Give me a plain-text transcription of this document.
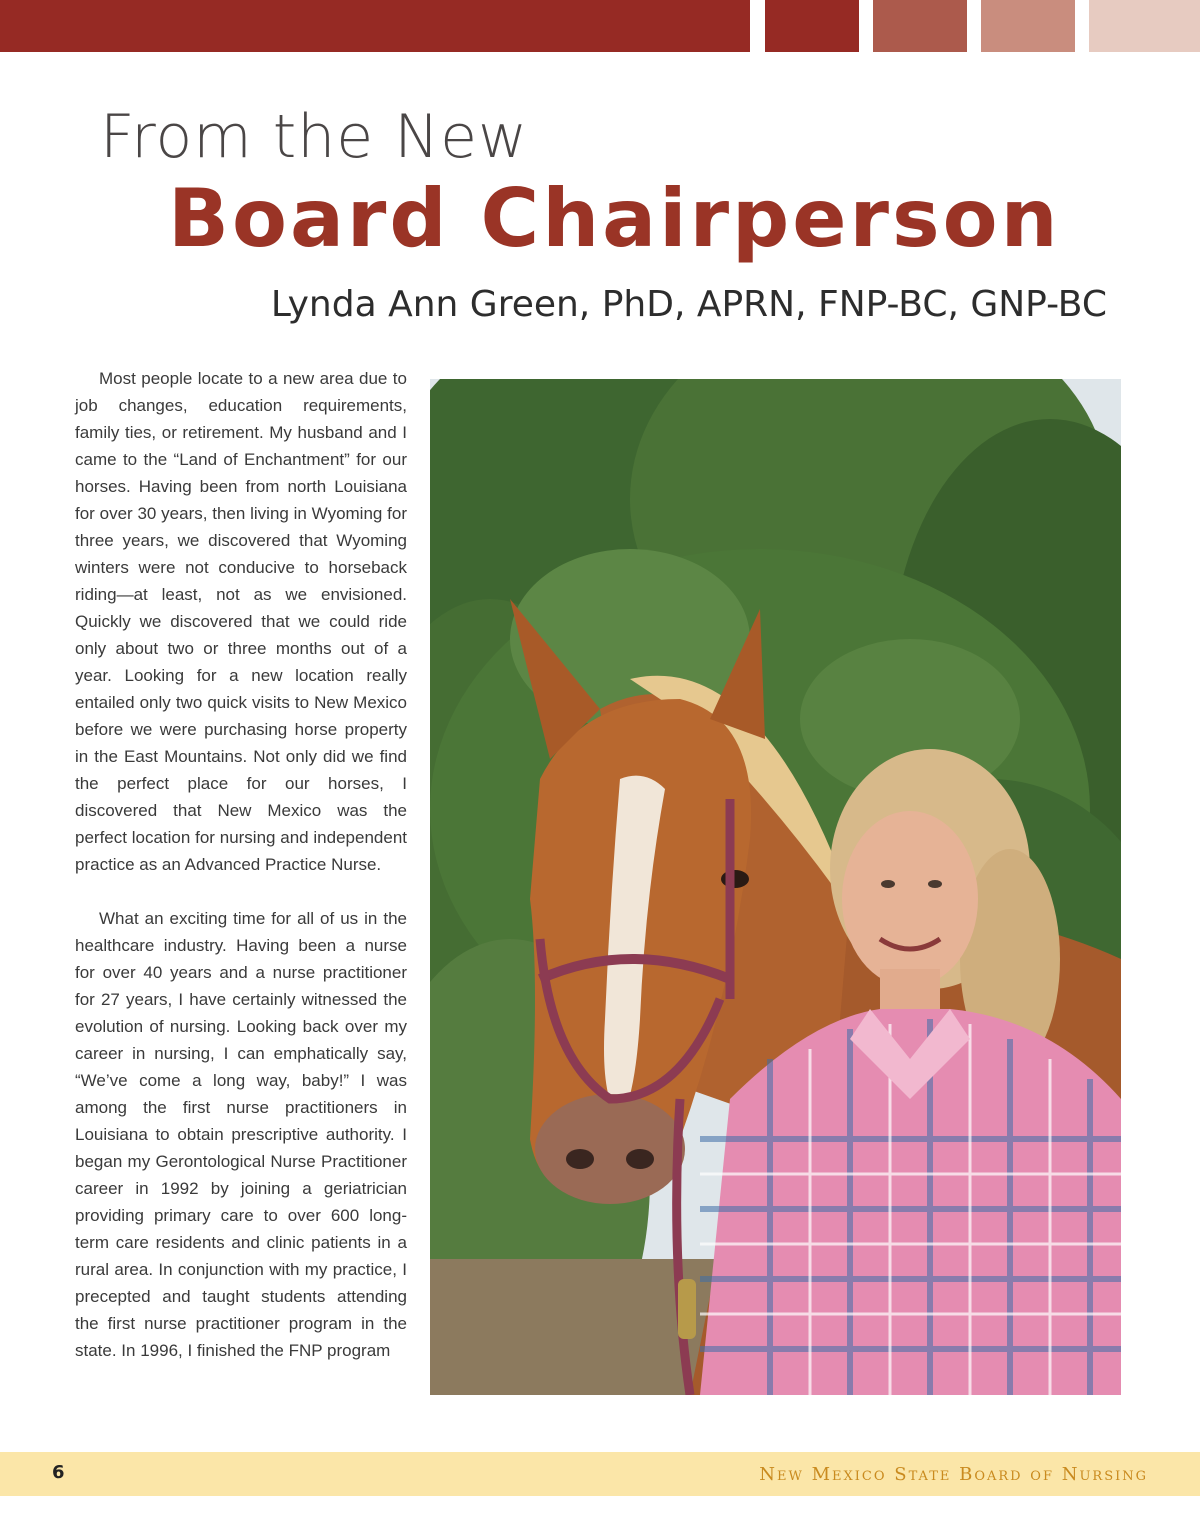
From the New
Board Chairperson
Lynda Ann Green, PhD, APRN, FNP-BC, GNP-BC

Most people locate to a new area due to job changes, education requirements, family ties, or retirement. My husband and I came to the “Land of Enchantment” for our horses. Having been from north Louisiana for over 30 years, then living in Wyoming for three years, we discovered that Wyoming winters were not conducive to horseback riding—at least, not as we envisioned. Quickly we discovered that we could ride only about two or three months out of a year. Looking for a new location really entailed only two quick visits to New Mexico before we were purchasing horse property in the East Mountains. Not only did we find the perfect place for our horses, I discovered that New Mexico was the perfect location for nursing and independent practice as an Advanced Practice Nurse.

What an exciting time for all of us in the healthcare industry. Having been a nurse for over 40 years and a nurse practitioner for 27 years, I have certainly witnessed the evolution of nursing. Looking back over my career in nursing, I can emphatically say, “We’ve come a long way, baby!” I was among the first nurse practitioners in Louisiana to obtain prescriptive authority. I began my Gerontological Nurse Practitioner career in 1992 by joining a geriatrician providing primary care to over 600 long-term care residents and clinic patients in a rural area. In conjunction with my practice, I precepted and taught students attending the first nurse practitioner program in the state. In 1996, I finished the FNP program

6	New Mexico State Board of Nursing
